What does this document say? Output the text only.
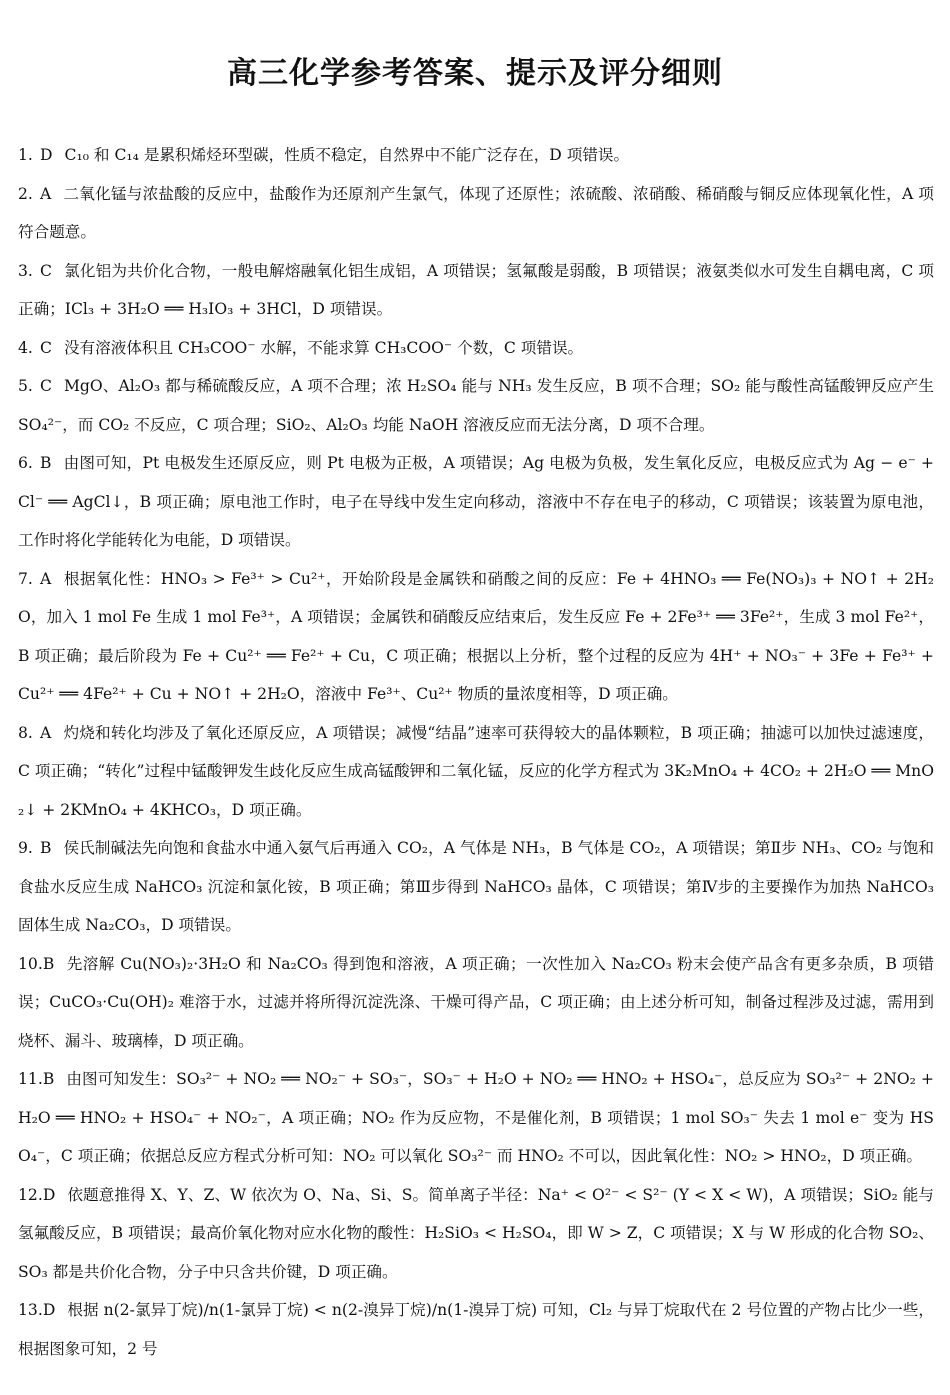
高三化学参考答案、提示及评分细则

1. D C₁₀ 和 C₁₄ 是累积烯烃环型碳，性质不稳定，自然界中不能广泛存在，D 项错误。

2. A 二氧化锰与浓盐酸的反应中，盐酸作为还原剂产生氯气，体现了还原性；浓硫酸、浓硝酸、稀硝酸与铜反应体现氧化性，A 项符合题意。

3. C 氯化铝为共价化合物，一般电解熔融氧化铝生成铝，A 项错误；氢氟酸是弱酸，B 项错误；液氨类似水可发生自耦电离，C 项正确；ICl₃ + 3H₂O ══ H₃IO₃ + 3HCl，D 项错误。

4. C 没有溶液体积且 CH₃COO⁻ 水解，不能求算 CH₃COO⁻ 个数，C 项错误。

5. C MgO、Al₂O₃ 都与稀硫酸反应，A 项不合理；浓 H₂SO₄ 能与 NH₃ 发生反应，B 项不合理；SO₂ 能与酸性高锰酸钾反应产生 SO₄²⁻，而 CO₂ 不反应，C 项合理；SiO₂、Al₂O₃ 均能 NaOH 溶液反应而无法分离，D 项不合理。

6. B 由图可知，Pt 电极发生还原反应，则 Pt 电极为正极，A 项错误；Ag 电极为负极，发生氧化反应，电极反应式为 Ag − e⁻ + Cl⁻ ══ AgCl↓，B 项正确；原电池工作时，电子在导线中发生定向移动，溶液中不存在电子的移动，C 项错误；该装置为原电池，工作时将化学能转化为电能，D 项错误。

7. A 根据氧化性：HNO₃ > Fe³⁺ > Cu²⁺，开始阶段是金属铁和硝酸之间的反应：Fe + 4HNO₃ ══ Fe(NO₃)₃ + NO↑ + 2H₂O，加入 1 mol Fe 生成 1 mol Fe³⁺，A 项错误；金属铁和硝酸反应结束后，发生反应 Fe + 2Fe³⁺ ══ 3Fe²⁺，生成 3 mol Fe²⁺，B 项正确；最后阶段为 Fe + Cu²⁺ ══ Fe²⁺ + Cu，C 项正确；根据以上分析，整个过程的反应为 4H⁺ + NO₃⁻ + 3Fe + Fe³⁺ + Cu²⁺ ══ 4Fe²⁺ + Cu + NO↑ + 2H₂O，溶液中 Fe³⁺、Cu²⁺ 物质的量浓度相等，D 项正确。

8. A 灼烧和转化均涉及了氧化还原反应，A 项错误；减慢“结晶”速率可获得较大的晶体颗粒，B 项正确；抽滤可以加快过滤速度，C 项正确；“转化”过程中锰酸钾发生歧化反应生成高锰酸钾和二氧化锰，反应的化学方程式为 3K₂MnO₄ + 4CO₂ + 2H₂O ══ MnO₂↓ + 2KMnO₄ + 4KHCO₃，D 项正确。

9. B 侯氏制碱法先向饱和食盐水中通入氨气后再通入 CO₂，A 气体是 NH₃，B 气体是 CO₂，A 项错误；第Ⅱ步 NH₃、CO₂ 与饱和食盐水反应生成 NaHCO₃ 沉淀和氯化铵，B 项正确；第Ⅲ步得到 NaHCO₃ 晶体，C 项错误；第Ⅳ步的主要操作为加热 NaHCO₃ 固体生成 Na₂CO₃，D 项错误。

10.B 先溶解 Cu(NO₃)₂·3H₂O 和 Na₂CO₃ 得到饱和溶液，A 项正确；一次性加入 Na₂CO₃ 粉末会使产品含有更多杂质，B 项错误；CuCO₃·Cu(OH)₂ 难溶于水，过滤并将所得沉淀洗涤、干燥可得产品，C 项正确；由上述分析可知，制备过程涉及过滤，需用到烧杯、漏斗、玻璃棒，D 项正确。

11.B 由图可知发生：SO₃²⁻ + NO₂ ══ NO₂⁻ + SO₃⁻，SO₃⁻ + H₂O + NO₂ ══ HNO₂ + HSO₄⁻，总反应为 SO₃²⁻ + 2NO₂ + H₂O ══ HNO₂ + HSO₄⁻ + NO₂⁻，A 项正确；NO₂ 作为反应物，不是催化剂，B 项错误；1 mol SO₃⁻ 失去 1 mol e⁻ 变为 HSO₄⁻，C 项正确；依据总反应方程式分析可知：NO₂ 可以氧化 SO₃²⁻ 而 HNO₂ 不可以，因此氧化性：NO₂ > HNO₂，D 项正确。

12.D 依题意推得 X、Y、Z、W 依次为 O、Na、Si、S。简单离子半径：Na⁺ < O²⁻ < S²⁻ (Y < X < W)，A 项错误；SiO₂ 能与氢氟酸反应，B 项错误；最高价氧化物对应水化物的酸性：H₂SiO₃ < H₂SO₄，即 W > Z，C 项错误；X 与 W 形成的化合物 SO₂、SO₃ 都是共价化合物，分子中只含共价键，D 项正确。

13.D 根据 n(2-氯异丁烷)/n(1-氯异丁烷) < n(2-溴异丁烷)/n(1-溴异丁烷) 可知，Cl₂ 与异丁烷取代在 2 号位置的产物占比少一些，根据图象可知，2 号
